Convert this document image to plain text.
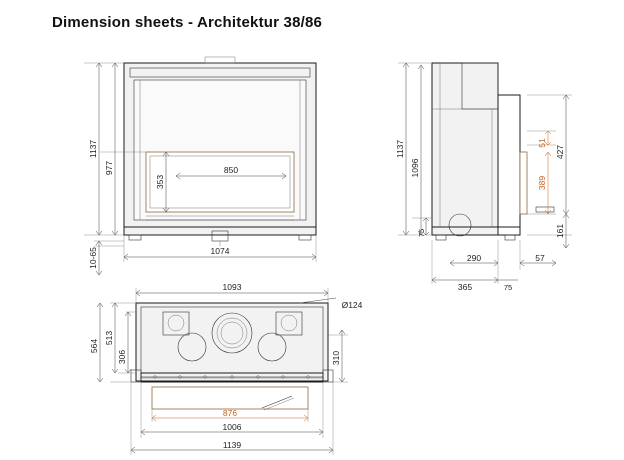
Dimension sheets - Architektur 38/86
1137
977
353
850
1074
10-65
1137
1096
75
427
51
389
161
290	57
365	75
1093
Ø124
564
513
306	310
876
1006
1139
